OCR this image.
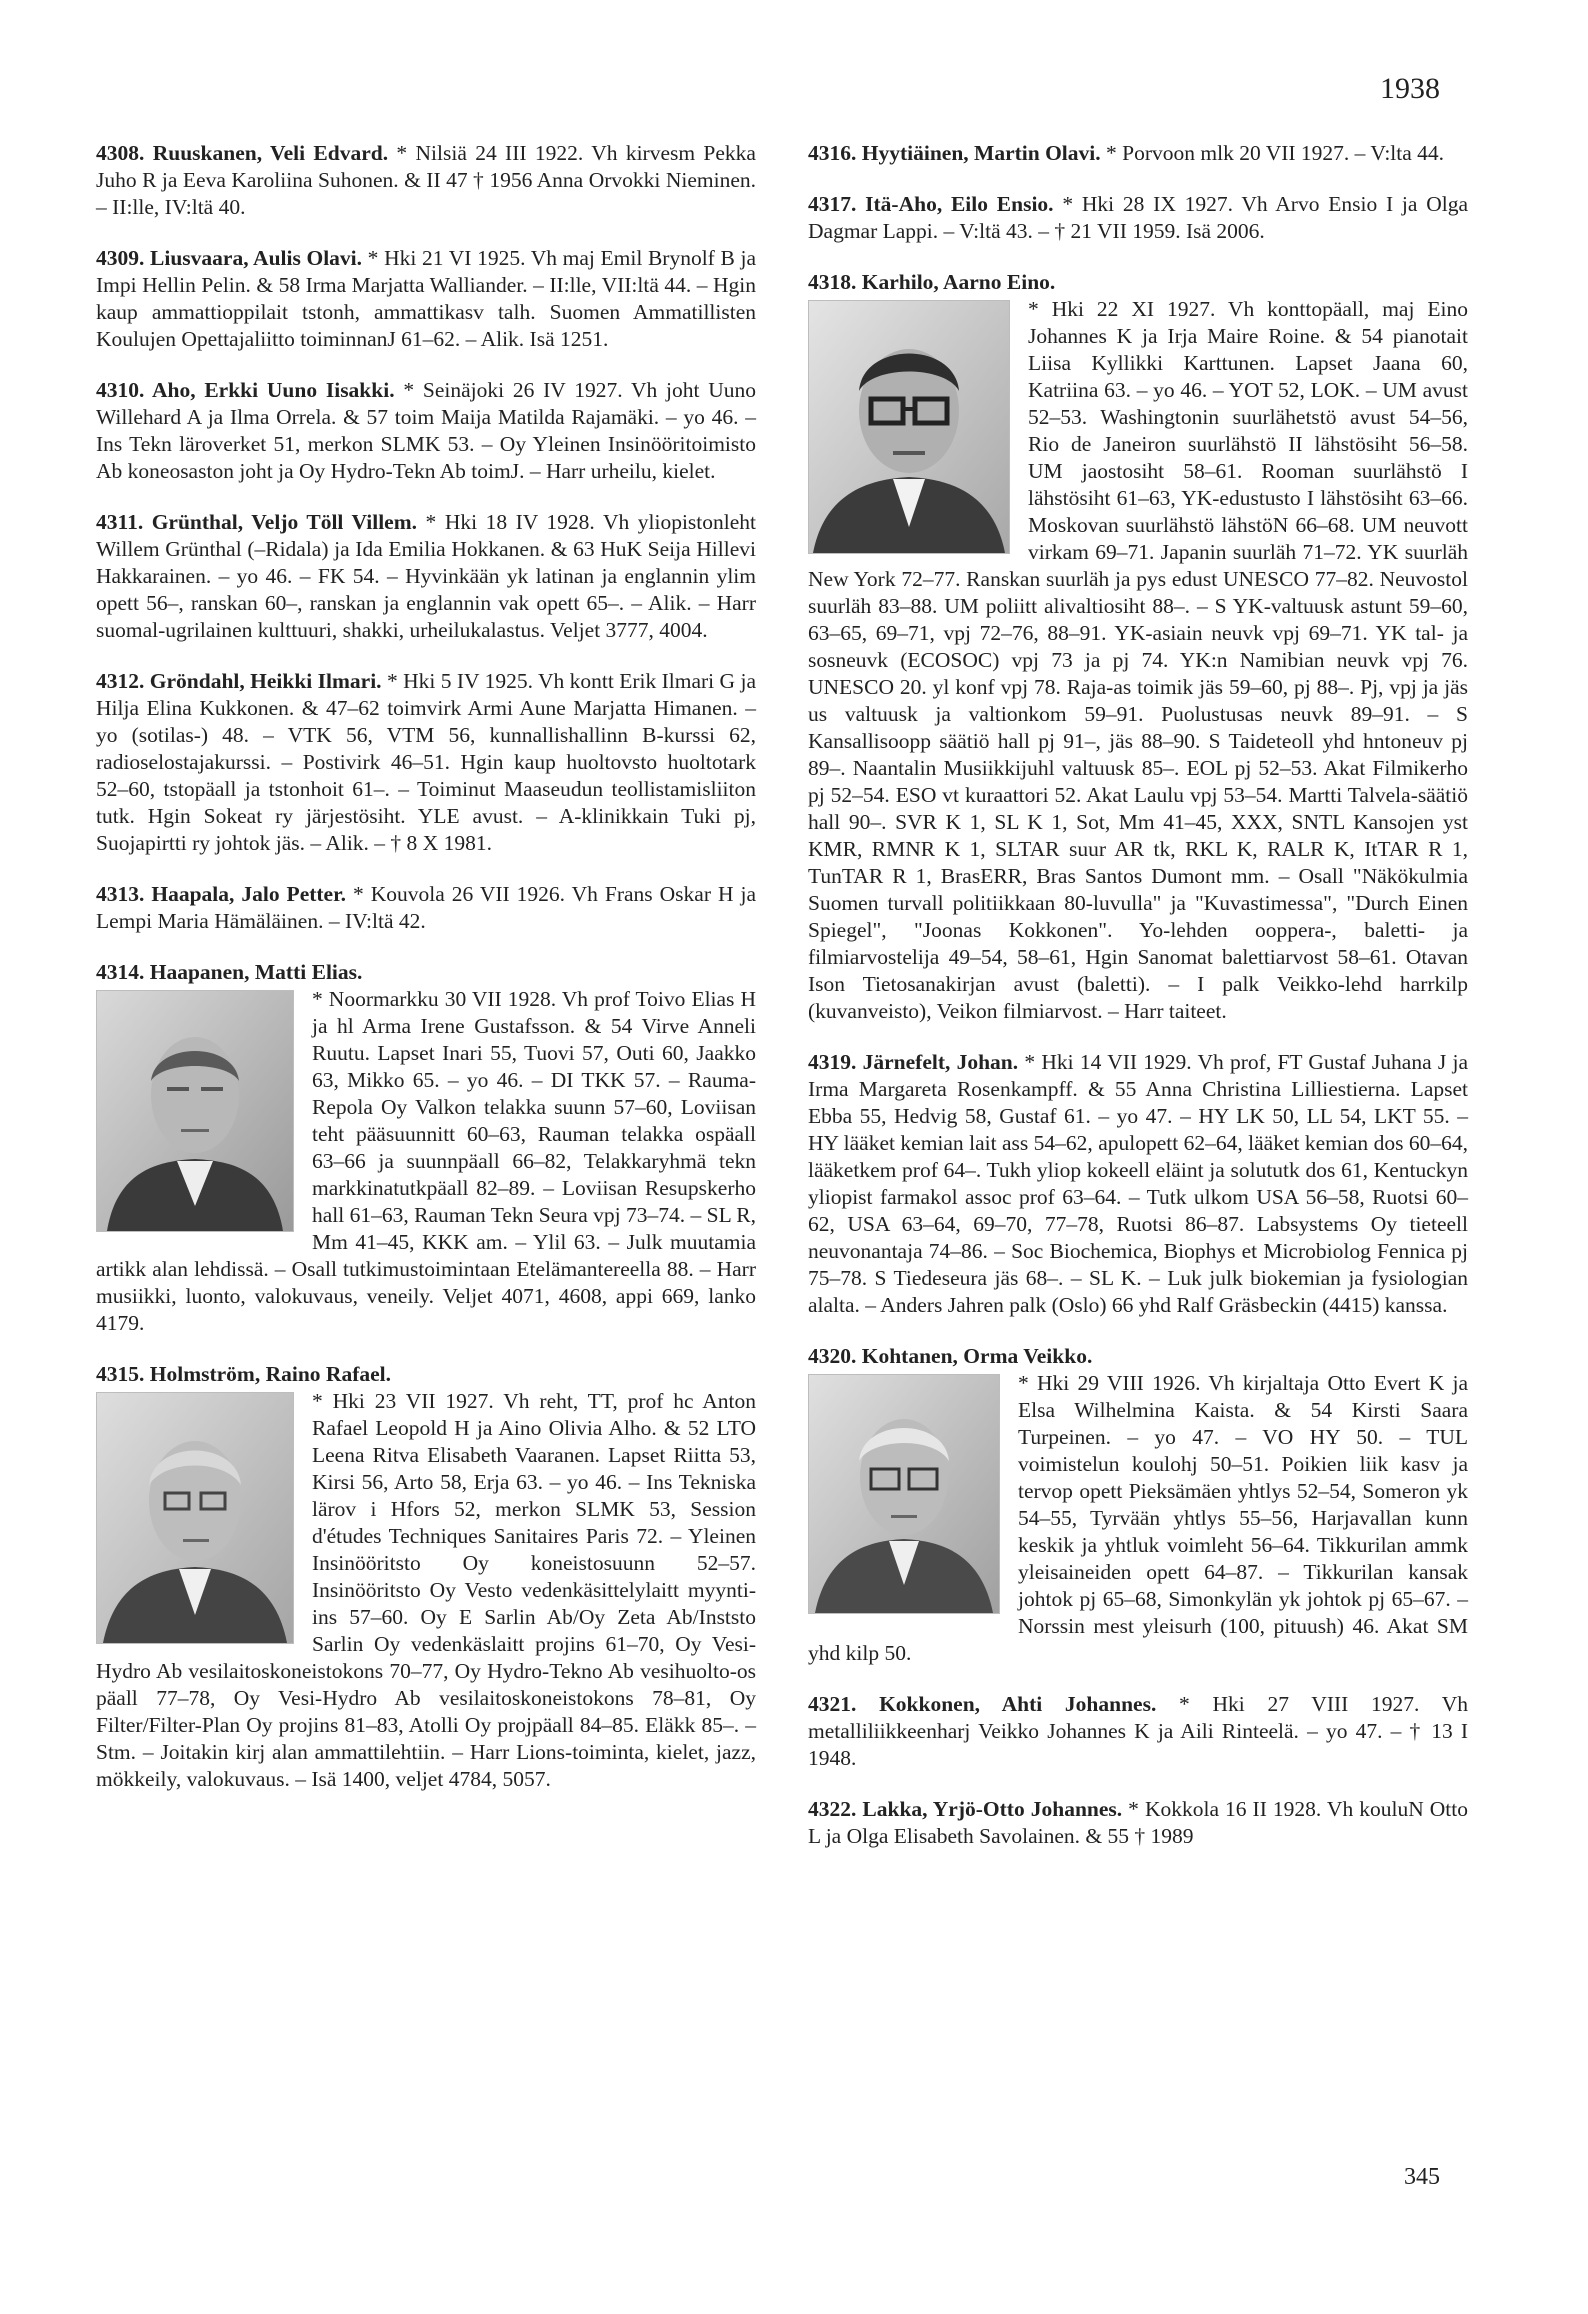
1938
4308. Ruuskanen, Veli Edvard. * Nilsiä 24 III 1922. Vh kirvesm Pekka Juho R ja Eeva Karoliina Suhonen. & II 47 † 1956 Anna Orvokki Nieminen. – II:lle, IV:ltä 40.
4309. Liusvaara, Aulis Olavi. * Hki 21 VI 1925. Vh maj Emil Brynolf B ja Impi Hellin Pelin. & 58 Irma Marjatta Walliander. – II:lle, VII:ltä 44. – Hgin kaup ammattioppilait tstonh, ammattikasv talh. Suomen Ammatillisten Koulujen Opettajaliitto toiminnanJ 61–62. – Alik. Isä 1251.
4310. Aho, Erkki Uuno Iisakki. * Seinäjoki 26 IV 1927. Vh joht Uuno Willehard A ja Ilma Orrela. & 57 toim Maija Matilda Rajamäki. – yo 46. – Ins Tekn läroverket 51, merkon SLMK 53. – Oy Yleinen Insinööritoimisto Ab koneosaston joht ja Oy Hydro-Tekn Ab toimJ. – Harr urheilu, kielet.
4311. Grünthal, Veljo Töll Villem. * Hki 18 IV 1928. Vh yliopistonleht Willem Grünthal (–Ridala) ja Ida Emilia Hokkanen. & 63 HuK Seija Hillevi Hakkarainen. – yo 46. – FK 54. – Hyvinkään yk latinan ja englannin ylim opett 56–, ranskan 60–, ranskan ja englannin vak opett 65–. – Alik. – Harr suomal-ugrilainen kulttuuri, shakki, urheilukalastus. Veljet 3777, 4004.
4312. Gröndahl, Heikki Ilmari. * Hki 5 IV 1925. Vh kontt Erik Ilmari G ja Hilja Elina Kukkonen. & 47–62 toimvirk Armi Aune Marjatta Himanen. – yo (sotilas-) 48. – VTK 56, VTM 56, kunnallishallinn B-kurssi 62, radioselostajakurssi. – Postivirk 46–51. Hgin kaup huoltovsto huoltotark 52–60, tstopäall ja tstonhoit 61–. – Toiminut Maaseudun teollistamisliiton tutk. Hgin Sokeat ry järjestösiht. YLE avust. – A-klinikkain Tuki pj, Suojapirtti ry johtok jäs. – Alik. – † 8 X 1981.
4313. Haapala, Jalo Petter. * Kouvola 26 VII 1926. Vh Frans Oskar H ja Lempi Maria Hämäläinen. – IV:ltä 42.
4314. Haapanen, Matti Elias.
* Noormarkku 30 VII 1928. Vh prof Toivo Elias H ja hl Arma Irene Gustafsson. & 54 Virve Anneli Ruutu. Lapset Inari 55, Tuovi 57, Outi 60, Jaakko 63, Mikko 65. – yo 46. – DI TKK 57. – Rauma-Repola Oy Valkon telakka suunn 57–60, Loviisan teht pääsuunnitt 60–63, Rauman telakka ospäall 63–66 ja suunnpäall 66–82, Telakkaryhmä tekn markkinatutkpäall 82–89. – Loviisan Resupskerho hall 61–63, Rauman Tekn Seura vpj 73–74. – SL R, Mm 41–45, KKK am. – Ylil 63. – Julk muutamia artikk alan lehdissä. – Osall tutkimustoimintaan Etelämantereella 88. – Harr musiikki, luonto, valokuvaus, veneily. Veljet 4071, 4608, appi 669, lanko 4179.
4315. Holmström, Raino Rafael.
* Hki 23 VII 1927. Vh reht, TT, prof hc Anton Rafael Leopold H ja Aino Olivia Alho. & 52 LTO Leena Ritva Elisabeth Vaaranen. Lapset Riitta 53, Kirsi 56, Arto 58, Erja 63. – yo 46. – Ins Tekniska lärov i Hfors 52, merkon SLMK 53, Session d'études Techniques Sanitaires Paris 72. – Yleinen Insinööritsto Oy koneistosuunn 52–57. Insinööritsto Oy Vesto vedenkäsittelylaitt myynti-ins 57–60. Oy E Sarlin Ab/Oy Zeta Ab/Inststo Sarlin Oy vedenkäslaitt projins 61–70, Oy Vesi-Hydro Ab vesilaitoskoneistokons 70–77, Oy Hydro-Tekno Ab vesihuolto-os päall 77–78, Oy Vesi-Hydro Ab vesilaitoskoneistokons 78–81, Oy Filter/Filter-Plan Oy projins 81–83, Atolli Oy projpäall 84–85. Eläkk 85–. – Stm. – Joitakin kirj alan ammattilehtiin. – Harr Lions-toiminta, kielet, jazz, mökkeily, valokuvaus. – Isä 1400, veljet 4784, 5057.
4316. Hyytiäinen, Martin Olavi. * Porvoon mlk 20 VII 1927. – V:lta 44.
4317. Itä-Aho, Eilo Ensio. * Hki 28 IX 1927. Vh Arvo Ensio I ja Olga Dagmar Lappi. – V:ltä 43. – † 21 VII 1959. Isä 2006.
4318. Karhilo, Aarno Eino.
* Hki 22 XI 1927. Vh konttopäall, maj Eino Johannes K ja Irja Maire Roine. & 54 pianotait Liisa Kyllikki Karttunen. Lapset Jaana 60, Katriina 63. – yo 46. – YOT 52, LOK. – UM avust 52–53. Washingtonin suurlähetstö avust 54–56, Rio de Janeiron suurlähstö II lähstösiht 56–58. UM jaostosiht 58–61. Rooman suurlähstö I lähstösiht 61–63, YK-edustusto I lähstösiht 63–66. Moskovan suurlähstö lähstöN 66–68. UM neuvott virkam 69–71. Japanin suurläh 71–72. YK suurläh New York 72–77. Ranskan suurläh ja pys edust UNESCO 77–82. Neuvostol suurläh 83–88. UM poliitt alivaltiosiht 88–. – S YK-valtuusk astunt 59–60, 63–65, 69–71, vpj 72–76, 88–91. YK-asiain neuvk vpj 69–71. YK tal- ja sosneuvk (ECOSOC) vpj 73 ja pj 74. YK:n Namibian neuvk vpj 76. UNESCO 20. yl konf vpj 78. Raja-as toimik jäs 59–60, pj 88–. Pj, vpj ja jäs us valtuusk ja valtionkom 59–91. Puolustusas neuvk 89–91. – S Kansallisoopp säätiö hall pj 91–, jäs 88–90. S Taideteoll yhd hntoneuv pj 89–. Naantalin Musiikkijuhl valtuusk 85–. EOL pj 52–53. Akat Filmikerho pj 52–54. ESO vt kuraattori 52. Akat Laulu vpj 53–54. Martti Talvela-säätiö hall 90–. SVR K 1, SL K 1, Sot, Mm 41–45, XXX, SNTL Kansojen yst KMR, RMNR K 1, SLTAR suur AR tk, RKL K, RALR K, ItTAR R 1, TunTAR R 1, BrasERR, Bras Santos Dumont mm. – Osall "Näkökulmia Suomen turvall politiikkaan 80-luvulla" ja "Kuvastimessa", "Durch Einen Spiegel", "Joonas Kokkonen". Yo-lehden ooppera-, baletti- ja filmiarvostelija 49–54, 58–61, Hgin Sanomat balettiarvost 58–61. Otavan Ison Tietosanakirjan avust (baletti). – I palk Veikko-lehd harrkilp (kuvanveisto), Veikon filmiarvost. – Harr taiteet.
4319. Järnefelt, Johan. * Hki 14 VII 1929. Vh prof, FT Gustaf Juhana J ja Irma Margareta Rosenkampff. & 55 Anna Christina Lilliestierna. Lapset Ebba 55, Hedvig 58, Gustaf 61. – yo 47. – HY LK 50, LL 54, LKT 55. – HY lääket kemian lait ass 54–62, apulopett 62–64, lääket kemian dos 60–64, lääketkem prof 64–. Tukh yliop kokeell eläint ja solututk dos 61, Kentuckyn yliopist farmakol assoc prof 63–64. – Tutk ulkom USA 56–58, Ruotsi 60–62, USA 63–64, 69–70, 77–78, Ruotsi 86–87. Labsystems Oy tieteell neuvonantaja 74–86. – Soc Biochemica, Biophys et Microbiolog Fennica pj 75–78. S Tiedeseura jäs 68–. – SL K. – Luk julk biokemian ja fysiologian alalta. – Anders Jahren palk (Oslo) 66 yhd Ralf Gräsbeckin (4415) kanssa.
4320. Kohtanen, Orma Veikko.
* Hki 29 VIII 1926. Vh kirjaltaja Otto Evert K ja Elsa Wilhelmina Kaista. & 54 Kirsti Saara Turpeinen. – yo 47. – VO HY 50. – TUL voimistelun koulohj 50–51. Poikien liik kasv ja tervop opett Pieksämäen yhtlys 52–54, Someron yk 54–55, Tyrvään yhtlys 55–56, Harjavallan kunn keskik ja yhtluk voimleht 56–64. Tikkurilan ammk yleisaineiden opett 64–87. – Tikkurilan kansak johtok pj 65–68, Simonkylän yk johtok pj 65–67. – Norssin mest yleisurh (100, pituush) 46. Akat SM yhd kilp 50.
4321. Kokkonen, Ahti Johannes. * Hki 27 VIII 1927. Vh metalliliikkeenharj Veikko Johannes K ja Aili Rinteelä. – yo 47. – † 13 I 1948.
4322. Lakka, Yrjö-Otto Johannes. * Kokkola 16 II 1928. Vh kouluN Otto L ja Olga Elisabeth Savolainen. & 55 † 1989
345
